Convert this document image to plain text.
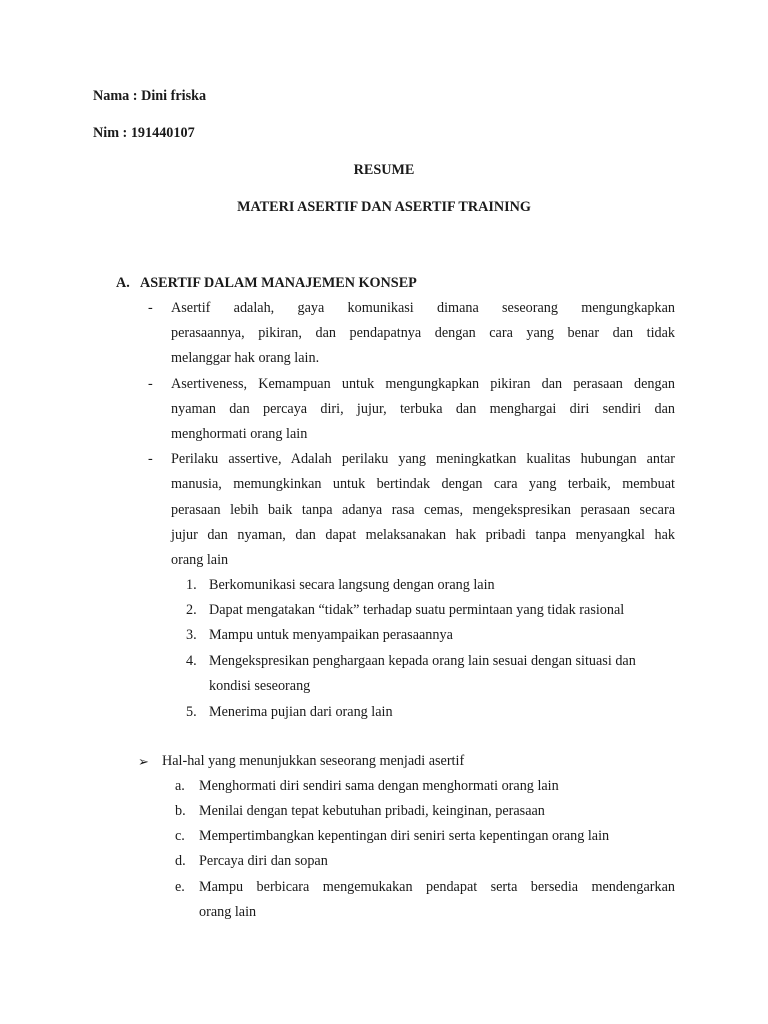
Nama : Dini friska
Nim : 191440107
RESUME
MATERI ASERTIF DAN ASERTIF TRAINING
A. ASERTIF DALAM MANAJEMEN KONSEP
- Asertif adalah, gaya komunikasi dimana seseorang mengungkapkan
perasaannya, pikiran, dan pendapatnya dengan cara yang benar dan tidak
melanggar hak orang lain.
- Asertiveness, Kemampuan untuk mengungkapkan pikiran dan perasaan dengan
nyaman dan percaya diri, jujur, terbuka dan menghargai diri sendiri dan
menghormati orang lain
- Perilaku assertive, Adalah perilaku yang meningkatkan kualitas hubungan antar
manusia, memungkinkan untuk bertindak dengan cara yang terbaik, membuat
perasaan lebih baik tanpa adanya rasa cemas, mengekspresikan perasaan secara
jujur dan nyaman, dan dapat melaksanakan hak pribadi tanpa menyangkal hak
orang lain
1. Berkomunikasi secara langsung dengan orang lain
2. Dapat mengatakan “tidak” terhadap suatu permintaan yang tidak rasional
3. Mampu untuk menyampaikan perasaannya
4. Mengekspresikan penghargaan kepada orang lain sesuai dengan situasi dan
kondisi seseorang
5. Menerima pujian dari orang lain
➢ Hal-hal yang menunjukkan seseorang menjadi asertif
a. Menghormati diri sendiri sama dengan menghormati orang lain
b. Menilai dengan tepat kebutuhan pribadi, keinginan, perasaan
c. Mempertimbangkan kepentingan diri seniri serta kepentingan orang lain
d. Percaya diri dan sopan
e. Mampu berbicara mengemukakan pendapat serta bersedia mendengarkan
orang lain
